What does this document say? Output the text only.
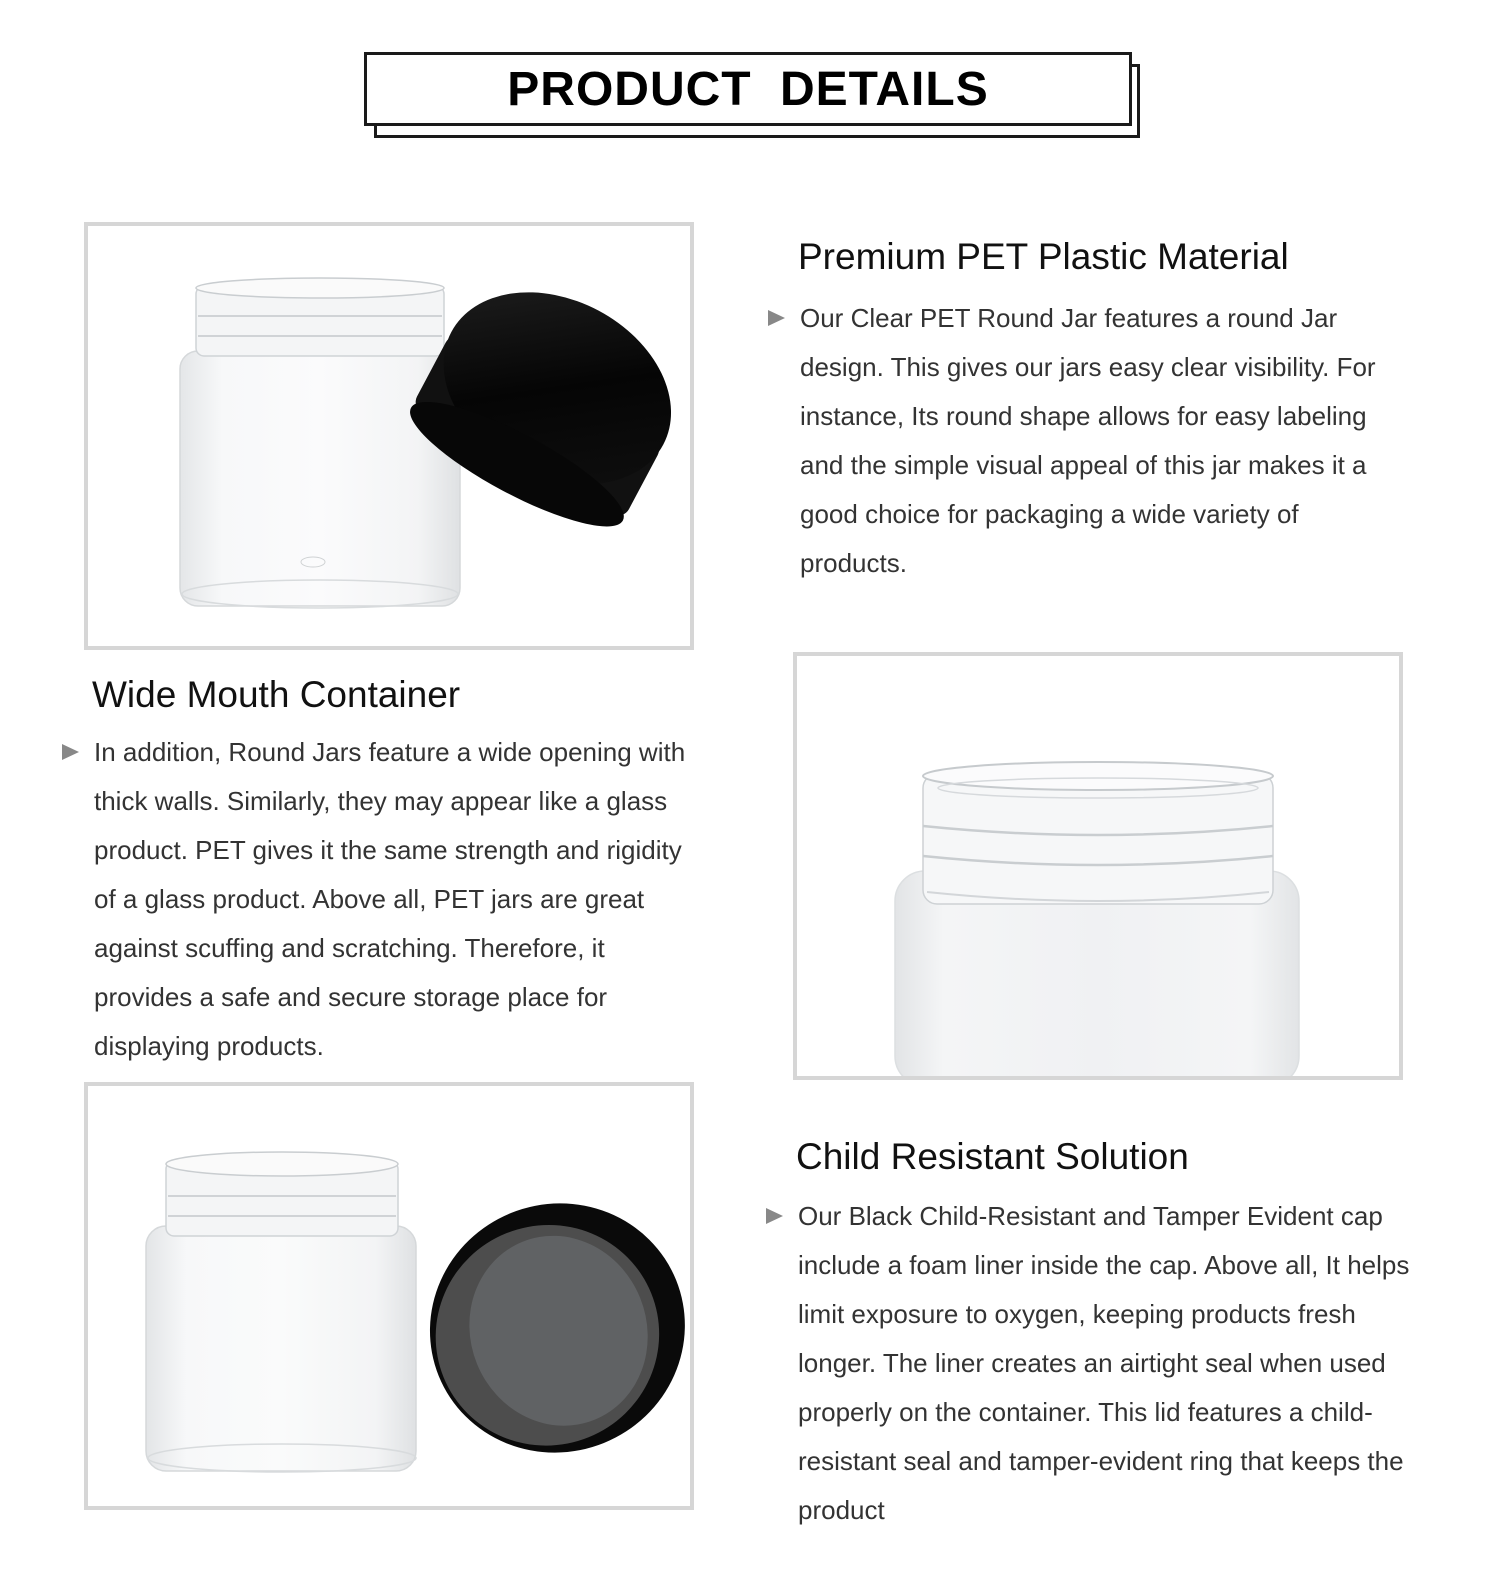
PRODUCT DETAILS
Premium PET Plastic Material
Our Clear PET Round Jar features a round Jar design. This gives our jars easy clear visibility. For instance, Its round shape allows for easy labeling and the simple visual appeal of this jar makes it a good choice for packaging a wide variety of products.
Wide Mouth Container
In addition, Round Jars feature a wide opening with thick walls. Similarly, they may appear like a glass product. PET gives it the same strength and rigidity of a glass product. Above all, PET jars are great against scuffing and scratching. Therefore, it provides a safe and secure storage place for displaying products.
Child Resistant Solution
Our Black Child-Resistant and Tamper Evident cap include a foam liner inside the cap. Above all, It helps limit exposure to oxygen, keeping products fresh longer. The liner creates an airtight seal when used properly on the container. This lid features a child-resistant seal and tamper-evident ring that keeps the product
